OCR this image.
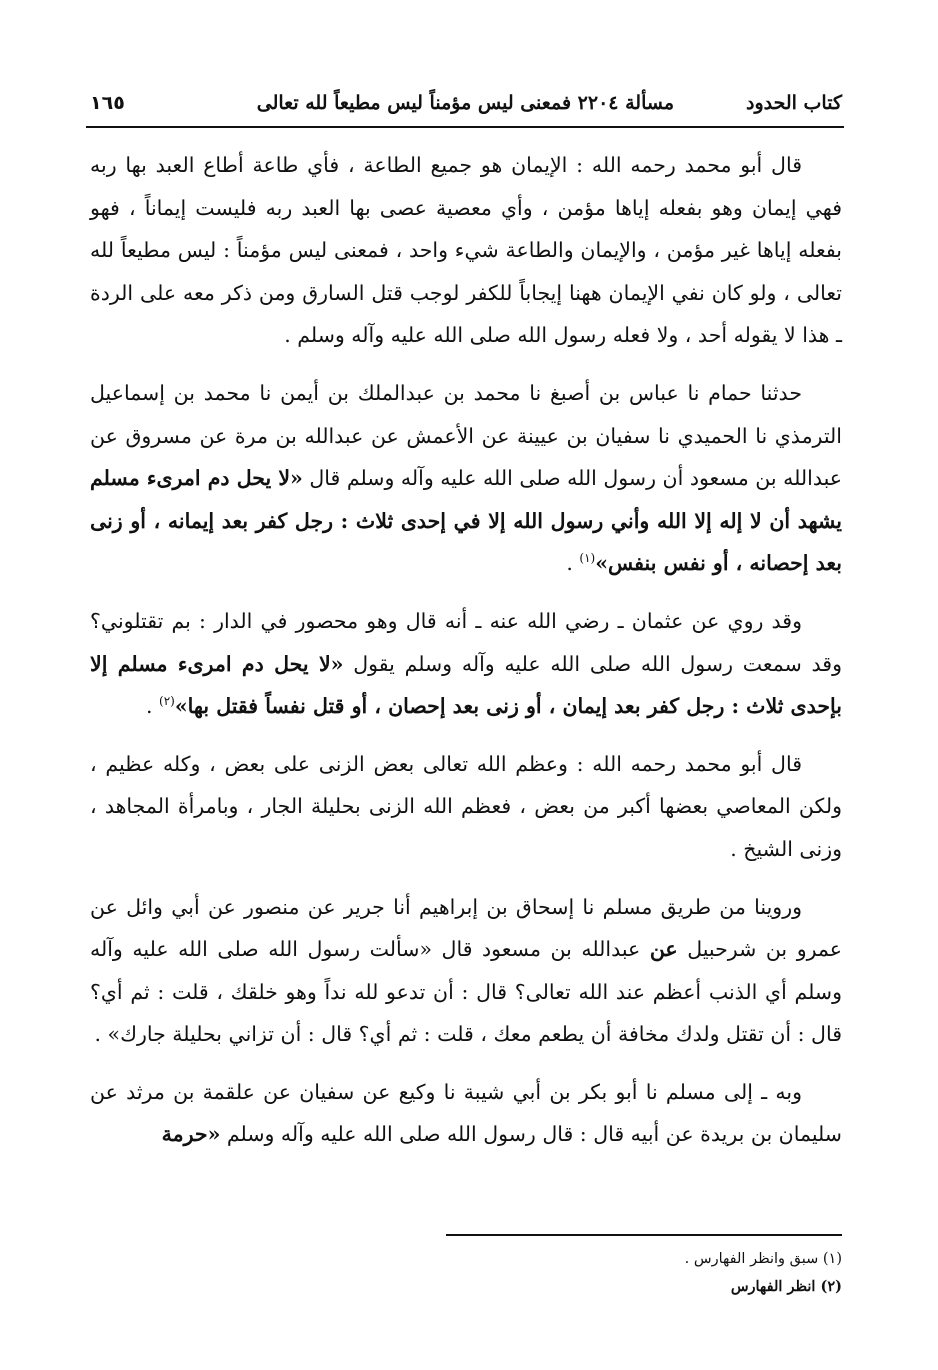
كتاب الحدود
مسألة ٢٢٠٤ فمعنى ليس مؤمناً ليس مطيعاً لله تعالى
١٦٥

قال أبو محمد رحمه الله : الإيمان هو جميع الطاعة ، فأي طاعة أطاع العبد بها ربه فهي إيمان وهو بفعله إياها مؤمن ، وأي معصية عصى بها العبد ربه فليست إيماناً ، فهو بفعله إياها غير مؤمن ، والإيمان والطاعة شيء واحد ، فمعنى ليس مؤمناً : ليس مطيعاً لله تعالى ، ولو كان نفي الإيمان ههنا إيجاباً للكفر لوجب قتل السارق ومن ذكر معه على الردة ـ هذا لا يقوله أحد ، ولا فعله رسول الله صلى الله عليه وآله وسلم .

حدثنا حمام نا عباس بن أصبغ نا محمد بن عبدالملك بن أيمن نا محمد بن إسماعيل الترمذي نا الحميدي نا سفيان بن عيينة عن الأعمش عن عبدالله بن مرة عن مسروق عن عبدالله بن مسعود أن رسول الله صلى الله عليه وآله وسلم قال «لا يحل دم امرىء مسلم يشهد أن لا إله إلا الله وأني رسول الله إلا في إحدى ثلاث : رجل كفر بعد إيمانه ، أو زنى بعد إحصانه ، أو نفس بنفس»$^{(١)}$ .

وقد روي عن عثمان ـ رضي الله عنه ـ أنه قال وهو محصور في الدار : بم تقتلوني؟ وقد سمعت رسول الله صلى الله عليه وآله وسلم يقول «لا يحل دم امرىء مسلم إلا بإحدى ثلاث : رجل كفر بعد إيمان ، أو زنى بعد إحصان ، أو قتل نفساً فقتل بها»$^{(٢)}$ .

قال أبو محمد رحمه الله : وعظم الله تعالى بعض الزنى على بعض ، وكله عظيم ، ولكن المعاصي بعضها أكبر من بعض ، فعظم الله الزنى بحليلة الجار ، وبامرأة المجاهد ، وزنى الشيخ .

وروينا من طريق مسلم نا إسحاق بن إبراهيم أنا جرير عن منصور عن أبي وائل عن عمرو بن شرحبيل عن عبدالله بن مسعود قال «سألت رسول الله صلى الله عليه وآله وسلم أي الذنب أعظم عند الله تعالى؟ قال : أن تدعو لله نداً وهو خلقك ، قلت : ثم أي؟ قال : أن تقتل ولدك مخافة أن يطعم معك ، قلت : ثم أي؟ قال : أن تزاني بحليلة جارك» .

وبه ـ إلى مسلم نا أبو بكر بن أبي شيبة نا وكيع عن سفيان عن علقمة بن مرثد عن سليمان بن بريدة عن أبيه قال : قال رسول الله صلى الله عليه وآله وسلم «حرمة

(١) سبق وانظر الفهارس .
(٢) انظر الفهارس
